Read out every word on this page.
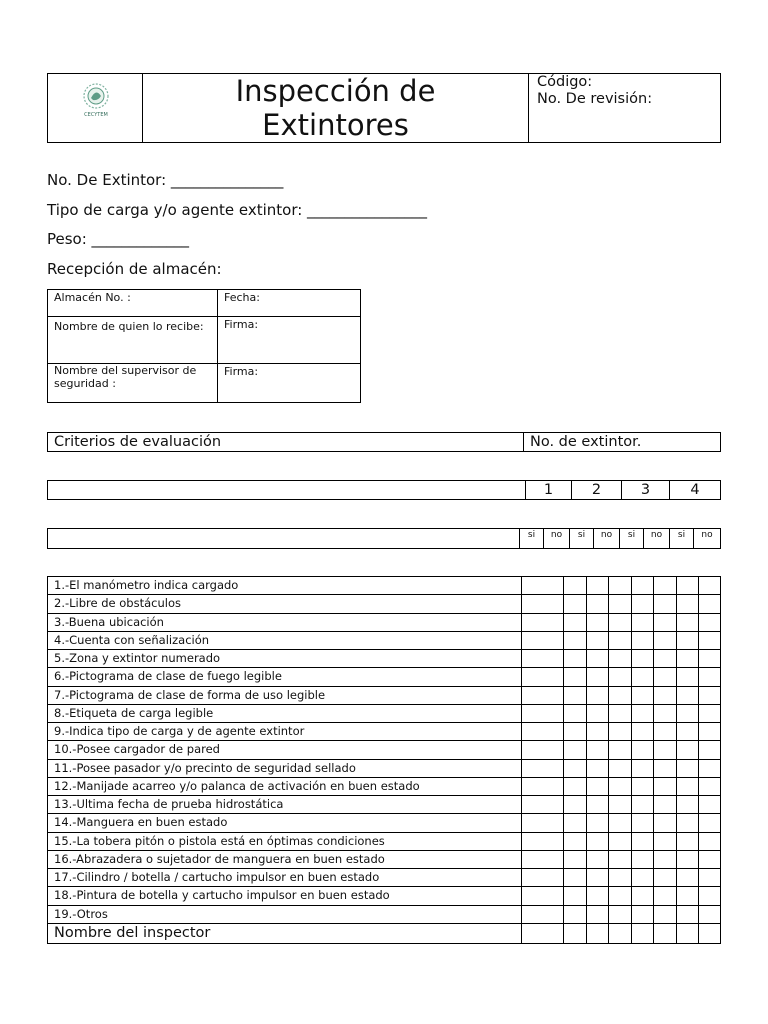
CECYTEM
Inspección de
Extintores
Código:
No. De revisión:
No. De Extintor: _______________
Tipo de carga y/o agente extintor: ________________
Peso: _____________
Recepción de almacén:
Almacén No. :	Fecha:
Nombre de quien lo recibe:	Firma:
Nombre del supervisor de seguridad :	Firma:
Criterios de evaluación	No. de extintor.
	1	2	3	4
	si	no	si	no	si	no	si	no
1.-El manómetro indica cargado								
2.-Libre de obstáculos								
3.-Buena ubicación								
4.-Cuenta con señalización								
5.-Zona y extintor numerado								
6.-Pictograma de clase de fuego legible								
7.-Pictograma de clase de forma de uso legible								
8.-Etiqueta de carga legible								
9.-Indica tipo de carga y de agente extintor								
10.-Posee cargador de pared								
11.-Posee pasador y/o precinto de seguridad sellado								
12.-Manijade acarreo y/o palanca de activación en buen estado								
13.-Ultima fecha de prueba hidrostática								
14.-Manguera en buen estado								
15.-La tobera pitón o pistola está en óptimas condiciones								
16.-Abrazadera o sujetador de manguera en buen estado								
17.-Cilindro / botella / cartucho impulsor en buen estado								
18.-Pintura de botella y cartucho impulsor en buen estado								
19.-Otros								
Nombre del inspector								
